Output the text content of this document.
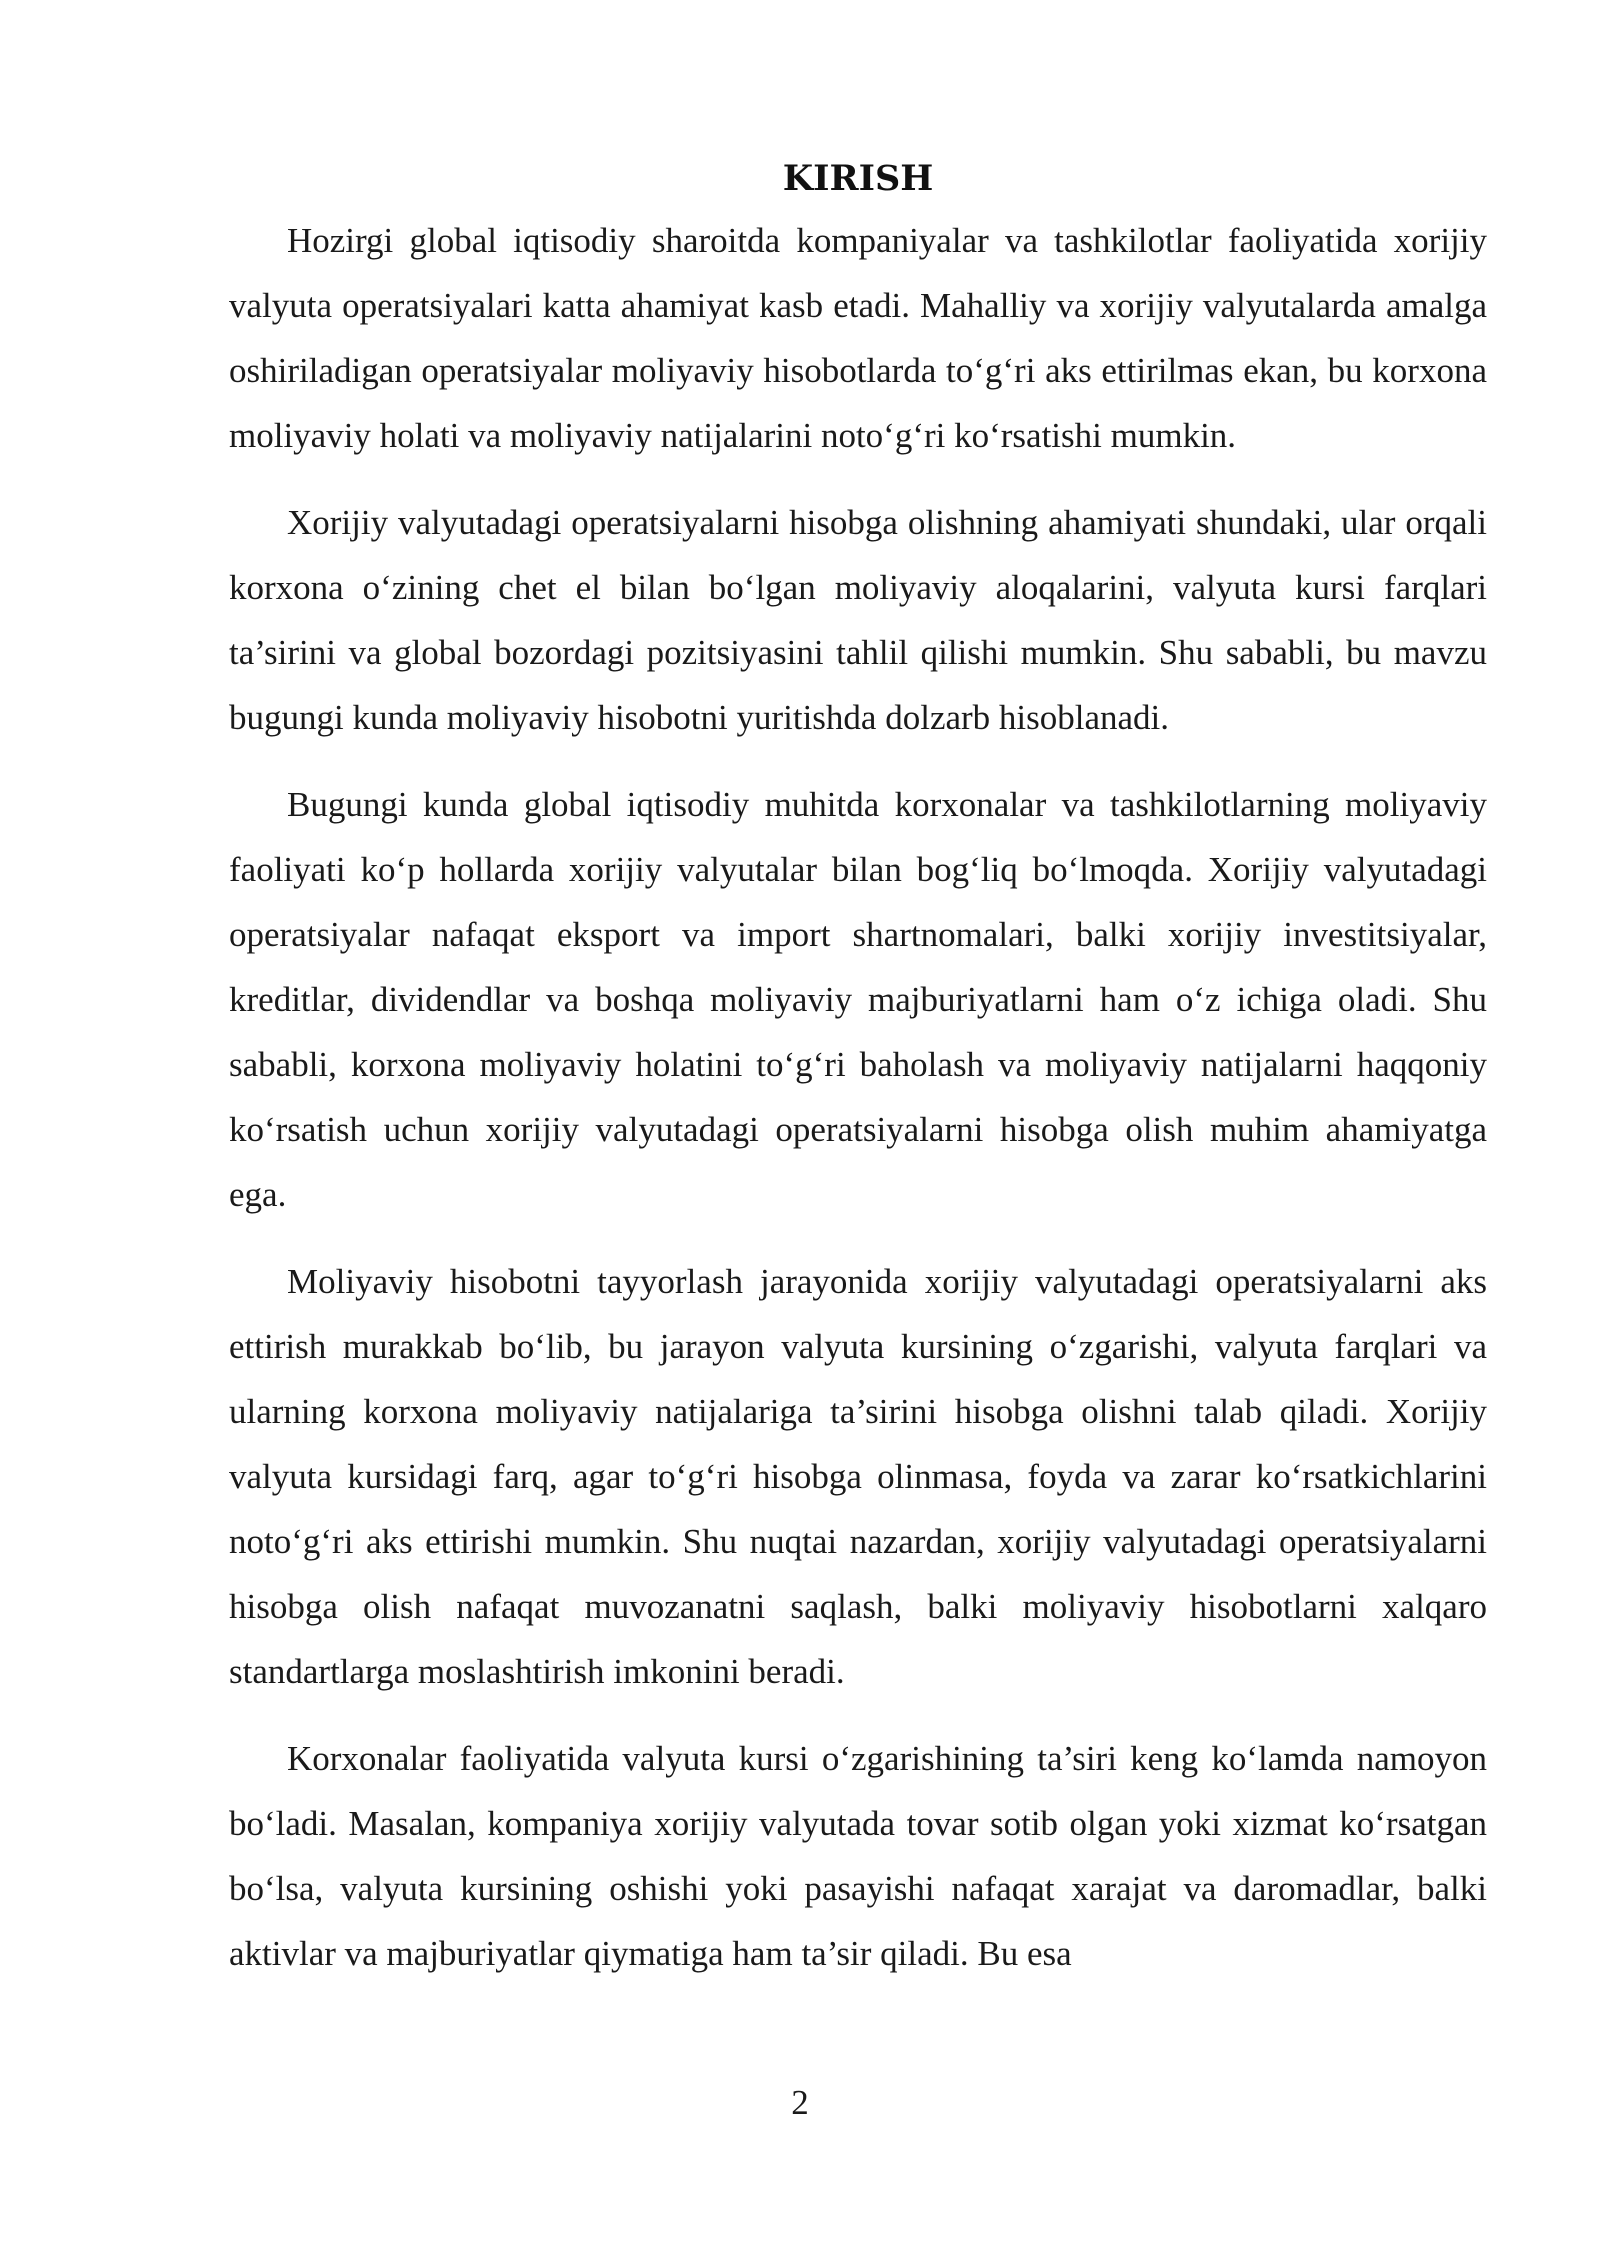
KIRISH

Hozirgi global iqtisodiy sharoitda kompaniyalar va tashkilotlar faoliyatida xorijiy valyuta operatsiyalari katta ahamiyat kasb etadi. Mahalliy va xorijiy valyutalarda amalga oshiriladigan operatsiyalar moliyaviy hisobotlarda to‘g‘ri aks ettirilmas ekan, bu korxona moliyaviy holati va moliyaviy natijalarini noto‘g‘ri ko‘rsatishi mumkin.

Xorijiy valyutadagi operatsiyalarni hisobga olishning ahamiyati shundaki, ular orqali korxona o‘zining chet el bilan bo‘lgan moliyaviy aloqalarini, valyuta kursi farqlari ta’sirini va global bozordagi pozitsiyasini tahlil qilishi mumkin. Shu sababli, bu mavzu bugungi kunda moliyaviy hisobotni yuritishda dolzarb hisoblanadi.

Bugungi kunda global iqtisodiy muhitda korxonalar va tashkilotlarning moliyaviy faoliyati ko‘p hollarda xorijiy valyutalar bilan bog‘liq bo‘lmoqda. Xorijiy valyutadagi operatsiyalar nafaqat eksport va import shartnomalari, balki xorijiy investitsiyalar, kreditlar, dividendlar va boshqa moliyaviy majburiyatlarni ham o‘z ichiga oladi. Shu sababli, korxona moliyaviy holatini to‘g‘ri baholash va moliyaviy natijalarni haqqoniy ko‘rsatish uchun xorijiy valyutadagi operatsiyalarni hisobga olish muhim ahamiyatga ega.

Moliyaviy hisobotni tayyorlash jarayonida xorijiy valyutadagi operatsiyalarni aks ettirish murakkab bo‘lib, bu jarayon valyuta kursining o‘zgarishi, valyuta farqlari va ularning korxona moliyaviy natijalariga ta’sirini hisobga olishni talab qiladi. Xorijiy valyuta kursidagi farq, agar to‘g‘ri hisobga olinmasa, foyda va zarar ko‘rsatkichlarini noto‘g‘ri aks ettirishi mumkin. Shu nuqtai nazardan, xorijiy valyutadagi operatsiyalarni hisobga olish nafaqat muvozanatni saqlash, balki moliyaviy hisobotlarni xalqaro standartlarga moslashtirish imkonini beradi.

Korxonalar faoliyatida valyuta kursi o‘zgarishining ta’siri keng ko‘lamda namoyon bo‘ladi. Masalan, kompaniya xorijiy valyutada tovar sotib olgan yoki xizmat ko‘rsatgan bo‘lsa, valyuta kursining oshishi yoki pasayishi nafaqat xarajat va daromadlar, balki aktivlar va majburiyatlar qiymatiga ham ta’sir qiladi. Bu esa

2
